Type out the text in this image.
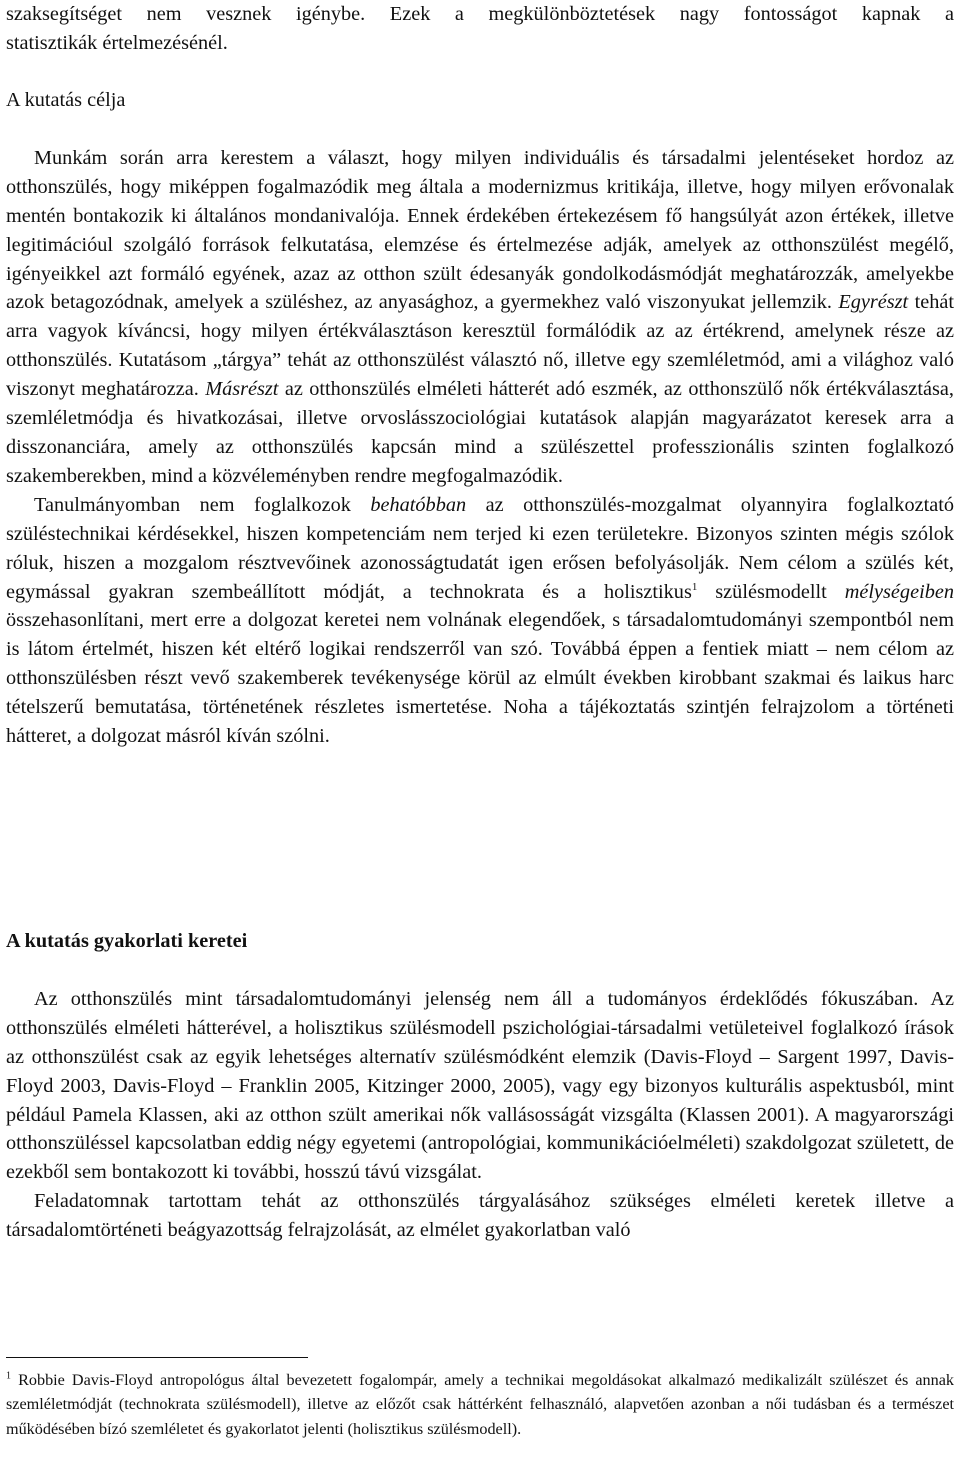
szaksegítséget nem vesznek igénybe. Ezek a megkülönböztetések nagy fontosságot kapnak a
statisztikák értelmezésénél.

A kutatás célja

Munkám során arra kerestem a választ, hogy milyen individuális és társadalmi jelentéseket hordoz az otthonszülés, hogy miképpen fogalmazódik meg általa a modernizmus kritikája, illetve, hogy milyen erővonalak mentén bontakozik ki általános mondanivalója. Ennek érdekében értekezésem fő hangsúlyát azon értékek, illetve legitimációul szolgáló források felkutatása, elemzése és értelmezése adják, amelyek az otthonszülést megélő, igényeikkel azt formáló egyének, azaz az otthon szült édesanyák gondolkodásmódját meghatározzák, amelyekbe azok betagozódnak, amelyek a szüléshez, az anyasághoz, a gyermekhez való viszonyukat jellemzik. Egyrészt tehát arra vagyok kíváncsi, hogy milyen értékválasztáson keresztül formálódik az az értékrend, amelynek része az otthonszülés. Kutatásom „tárgya” tehát az otthonszülést választó nő, illetve egy szemléletmód, ami a világhoz való viszonyt meghatározza. Másrészt az otthonszülés elméleti hátterét adó eszmék, az otthonszülő nők értékválasztása, szemléletmódja és hivatkozásai, illetve orvoslásszociológiai kutatások alapján magyarázatot keresek arra a disszonanciára, amely az otthonszülés kapcsán mind a szülészettel professzionális szinten foglalkozó szakemberekben, mind a közvéleményben rendre megfogalmazódik.

Tanulmányomban nem foglalkozok behatóbban az otthonszülés-mozgalmat olyannyira foglalkoztató szüléstechnikai kérdésekkel, hiszen kompetenciám nem terjed ki ezen területekre. Bizonyos szinten mégis szólok róluk, hiszen a mozgalom résztvevőinek azonosságtudatát igen erősen befolyásolják. Nem célom a szülés két, egymással gyakran szembeállított módját, a technokrata és a holisztikus$^1$ szülésmodellt mélységeiben összehasonlítani, mert erre a dolgozat keretei nem volnának elegendőek, s társadalomtudományi szempontból nem is látom értelmét, hiszen két eltérő logikai rendszerről van szó. Továbbá éppen a fentiek miatt – nem célom az otthonszülésben részt vevő szakemberek tevékenysége körül az elmúlt években kirobbant szakmai és laikus harc tételszerű bemutatása, történetének részletes ismertetése. Noha a tájékoztatás szintjén felrajzolom a történeti hátteret, a dolgozat másról kíván szólni.

A kutatás gyakorlati keretei

Az otthonszülés mint társadalomtudományi jelenség nem áll a tudományos érdeklődés fókuszában. Az otthonszülés elméleti hátterével, a holisztikus szülésmodell pszichológiai-társadalmi vetületeivel foglalkozó írások az otthonszülést csak az egyik lehetséges alternatív szülésmódként elemzik (Davis-Floyd – Sargent 1997, Davis-Floyd 2003, Davis-Floyd – Franklin 2005, Kitzinger 2000, 2005), vagy egy bizonyos kulturális aspektusból, mint például Pamela Klassen, aki az otthon szült amerikai nők vallásosságát vizsgálta (Klassen 2001). A magyarországi otthonszüléssel kapcsolatban eddig négy egyetemi (antropológiai, kommunikációelméleti) szakdolgozat született, de ezekből sem bontakozott ki további, hosszú távú vizsgálat.

Feladatomnak tartottam tehát az otthonszülés tárgyalásához szükséges elméleti keretek illetve a társadalomtörténeti beágyazottság felrajzolását, az elmélet gyakorlatban való

$^1$ Robbie Davis-Floyd antropológus által bevezetett fogalompár, amely a technikai megoldásokat alkalmazó medikalizált szülészet és annak szemléletmódját (technokrata szülésmodell), illetve az előzőt csak háttérként felhasználó, alapvetően azonban a női tudásban és a természet működésében bízó szemléletet és gyakorlatot jelenti (holisztikus szülésmodell).
